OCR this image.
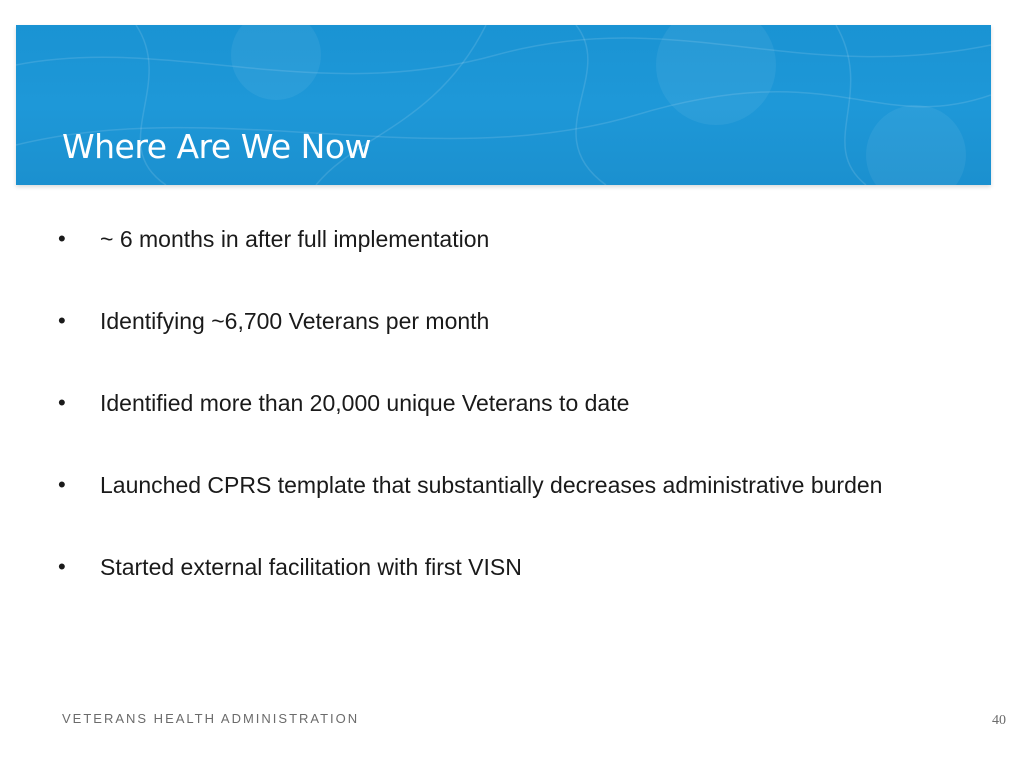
Where Are We Now
•	~ 6 months in after full implementation
•	Identifying ~6,700 Veterans per month
•	Identified more than 20,000 unique Veterans to date
•	Launched CPRS template that substantially decreases administrative burden
•	Started external facilitation with first VISN
VETERANS HEALTH ADMINISTRATION	40
